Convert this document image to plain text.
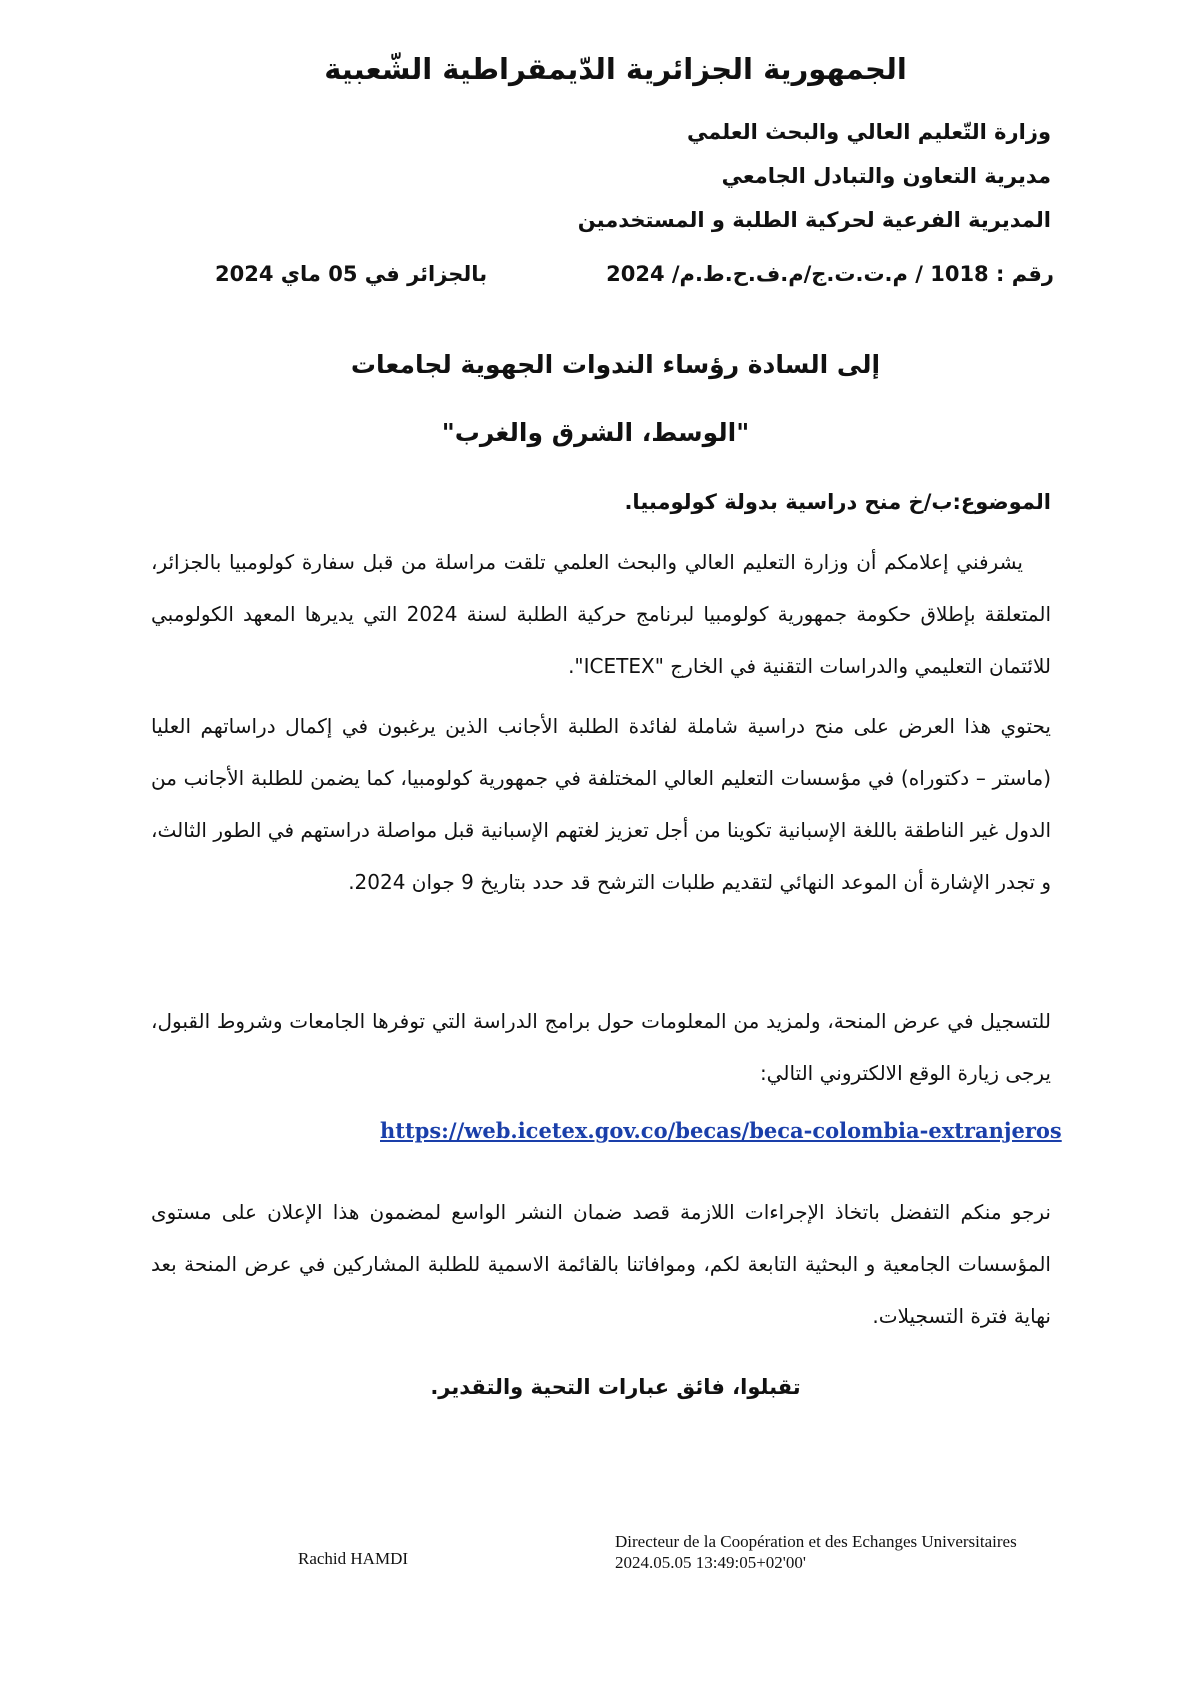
الجمهورية الجزائرية الدّيمقراطية الشّعبية
وزارة التّعليم العالي والبحث العلمي
مديرية التعاون والتبادل الجامعي
المديرية الفرعية لحركية الطلبة و المستخدمين
رقم : 1018 / م.ت.ت.ج/م.ف.ح.ط.م/ 2024
بالجزائر في 05 ماي 2024
إلى السادة رؤساء الندوات الجهوية لجامعات
"الوسط، الشرق والغرب"
الموضوع:ب/خ منح دراسية بدولة كولومبيا.
يشرفني إعلامكم أن وزارة التعليم العالي والبحث العلمي تلقت مراسلة من قبل سفارة كولومبيا بالجزائر، المتعلقة بإطلاق حكومة جمهورية كولومبيا لبرنامج حركية الطلبة لسنة 2024 التي يديرها المعهد الكولومبي للائتمان التعليمي والدراسات التقنية في الخارج "ICETEX".
يحتوي هذا العرض على منح دراسية شاملة لفائدة الطلبة الأجانب الذين يرغبون في إكمال دراساتهم العليا (ماستر – دكتوراه) في مؤسسات التعليم العالي المختلفة في جمهورية كولومبيا، كما يضمن للطلبة الأجانب من الدول غير الناطقة باللغة الإسبانية تكوينا من أجل تعزيز لغتهم الإسبانية قبل مواصلة دراستهم في الطور الثالث، و تجدر الإشارة أن الموعد النهائي لتقديم طلبات الترشح قد حدد بتاريخ 9 جوان 2024.
للتسجيل في عرض المنحة، ولمزيد من المعلومات حول برامج الدراسة التي توفرها الجامعات وشروط القبول، يرجى زيارة الوقع الالكتروني التالي:
https://web.icetex.gov.co/becas/beca-colombia-extranjeros
نرجو منكم التفضل باتخاذ الإجراءات اللازمة قصد ضمان النشر الواسع لمضمون هذا الإعلان على مستوى المؤسسات الجامعية و البحثية التابعة لكم، وموافاتنا بالقائمة الاسمية للطلبة المشاركين في عرض المنحة بعد نهاية فترة التسجيلات.
تقبلوا، فائق عبارات التحية والتقدير.
Rachid HAMDI
Directeur de la Coopération et des Echanges Universitaires
2024.05.05 13:49:05+02'00'
